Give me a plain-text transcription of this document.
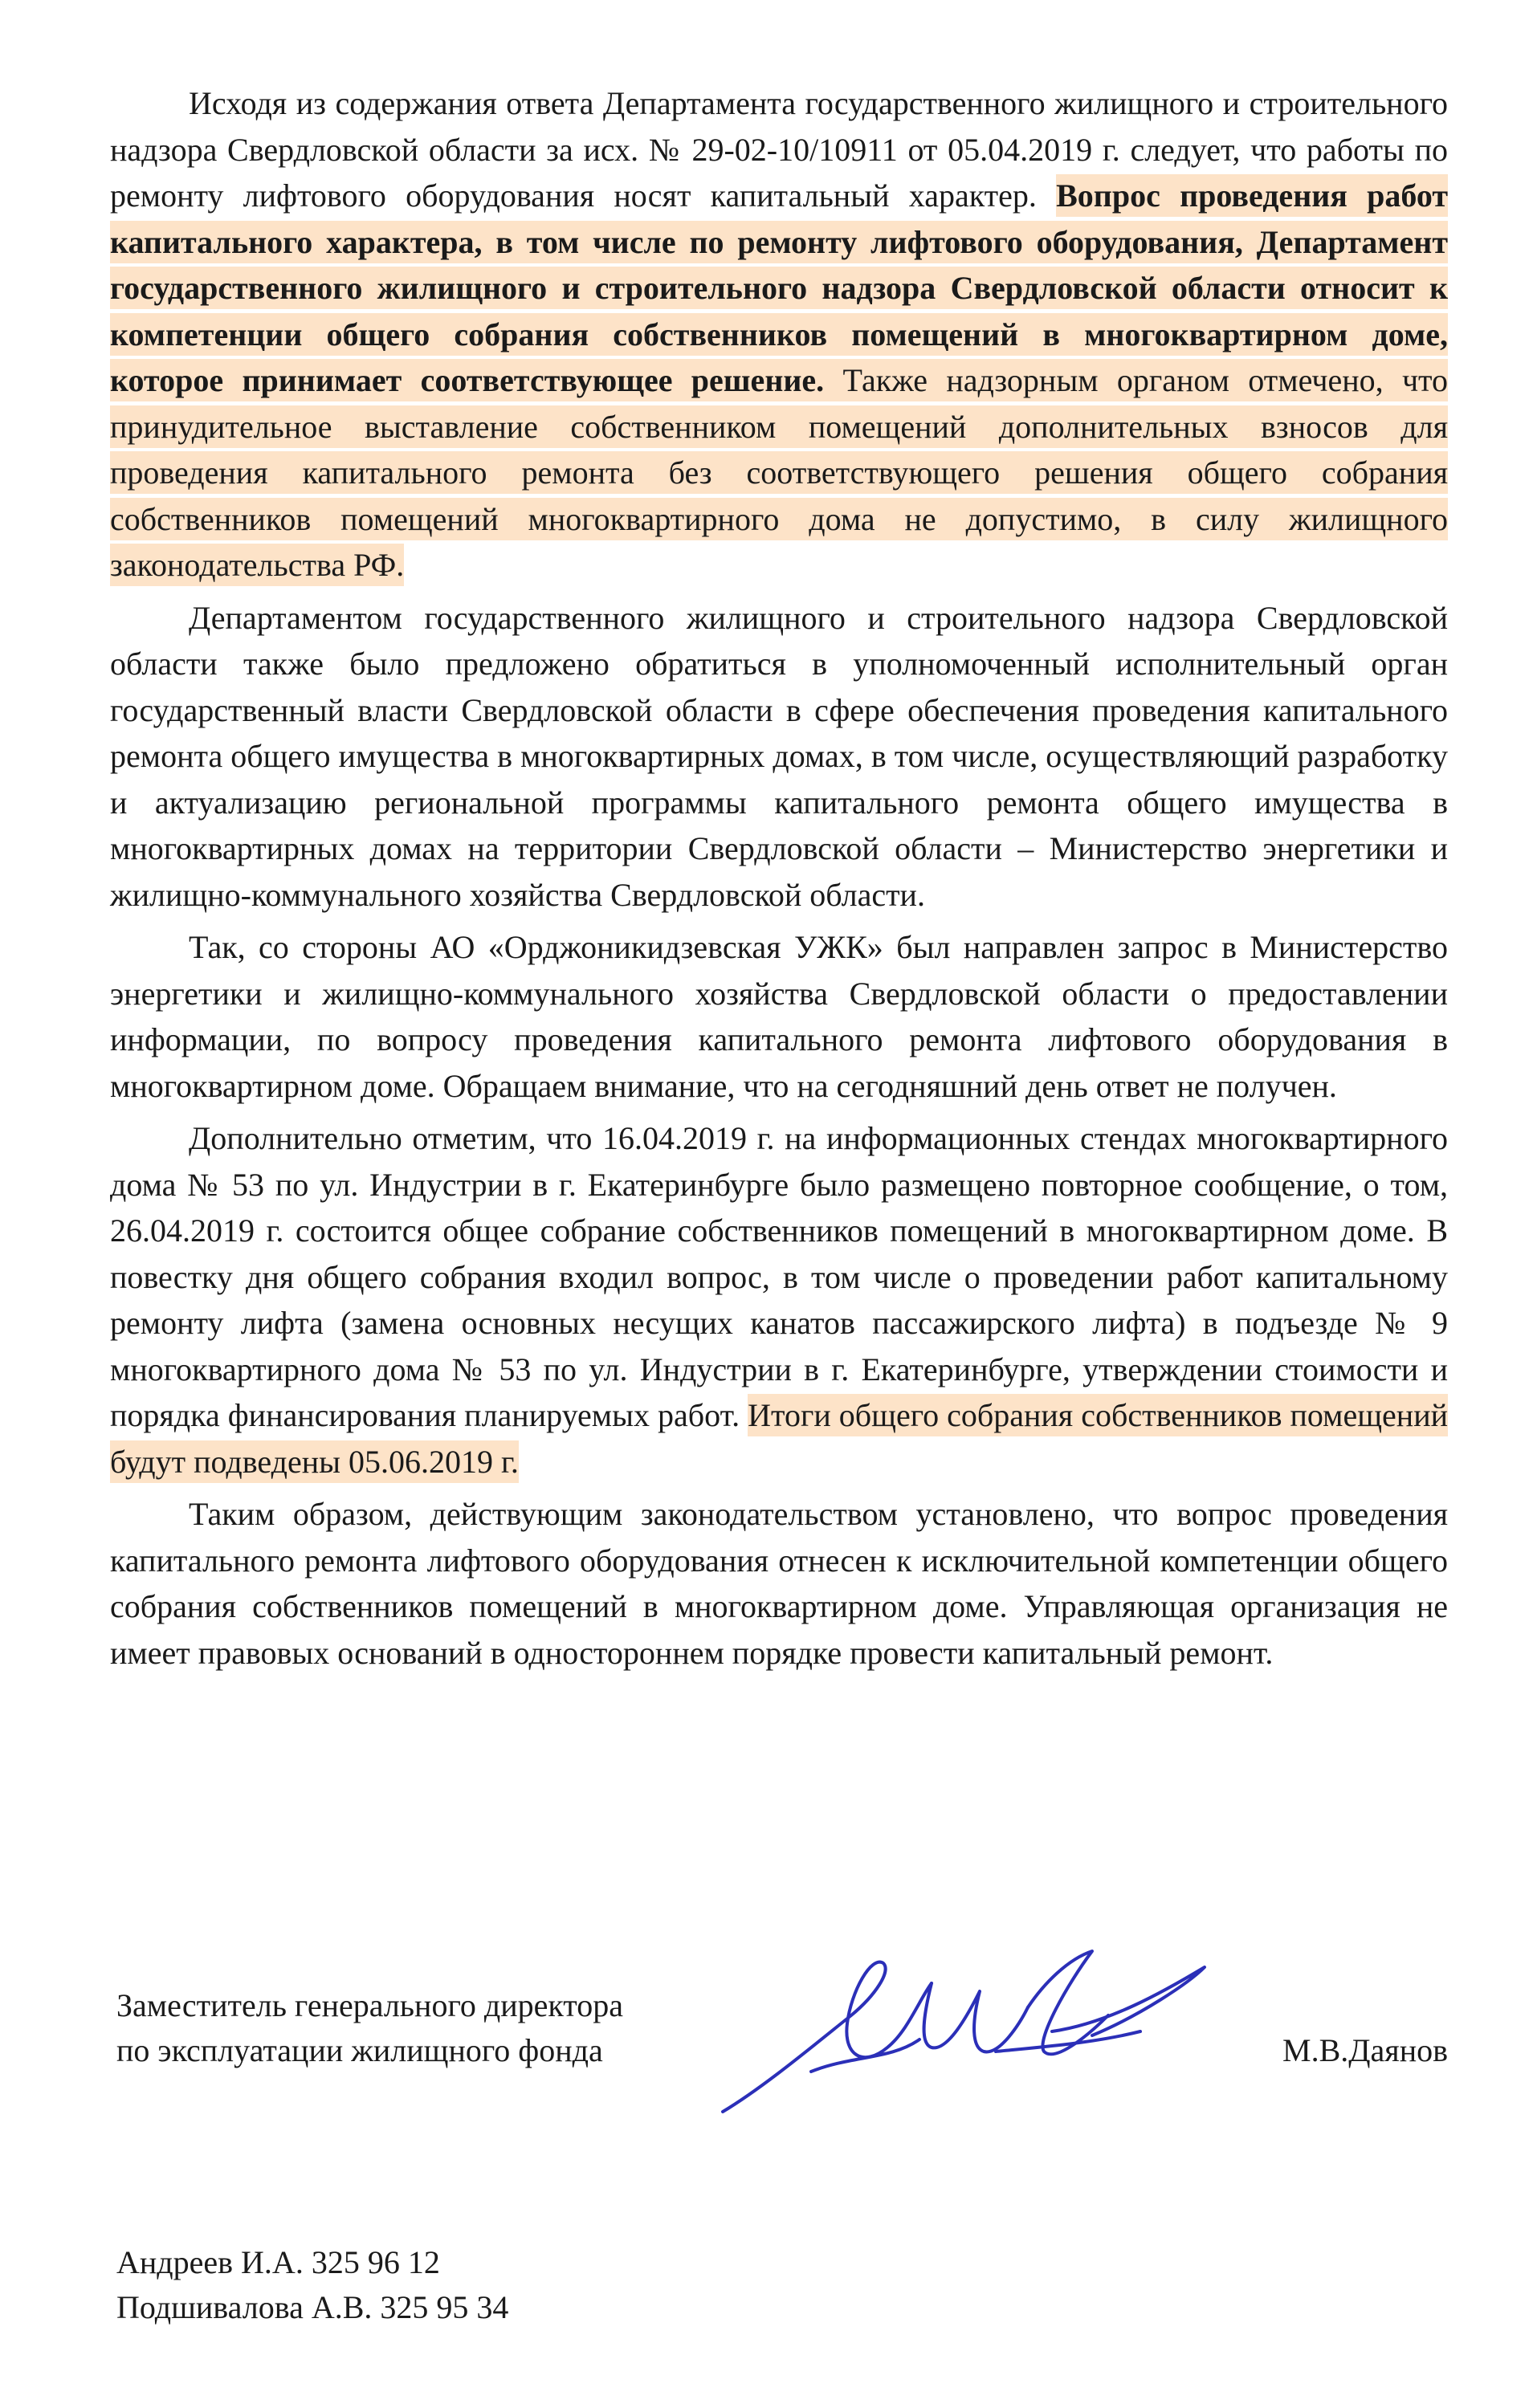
Исходя из содержания ответа Департамента государственного жилищного и строительного надзора Свердловской области за исх. № 29-02-10/10911 от 05.04.2019 г. следует, что работы по ремонту лифтового оборудования носят капитальный характер. Вопрос проведения работ капитального характера, в том числе по ремонту лифтового оборудования, Департамент государственного жилищного и строительного надзора Свердловской области относит к компетенции общего собрания собственников помещений в многоквартирном доме, которое принимает соответствующее решение. Также надзорным органом отмечено, что принудительное выставление собственником помещений дополнительных взносов для проведения капитального ремонта без соответствующего решения общего собрания собственников помещений многоквартирного дома не допустимо, в силу жилищного законодательства РФ.

Департаментом государственного жилищного и строительного надзора Свердловской области также было предложено обратиться в уполномоченный исполнительный орган государственный власти Свердловской области в сфере обеспечения проведения капитального ремонта общего имущества в многоквартирных домах, в том числе, осуществляющий разработку и актуализацию региональной программы капитального ремонта общего имущества в многоквартирных домах на территории Свердловской области – Министерство энергетики и жилищно-коммунального хозяйства Свердловской области.

Так, со стороны АО «Орджоникидзевская УЖК» был направлен запрос в Министерство энергетики и жилищно-коммунального хозяйства Свердловской области о предоставлении информации, по вопросу проведения капитального ремонта лифтового оборудования в многоквартирном доме. Обращаем внимание, что на сегодняшний день ответ не получен.

Дополнительно отметим, что 16.04.2019 г. на информационных стендах многоквартирного дома № 53 по ул. Индустрии в г. Екатеринбурге было размещено повторное сообщение, о том, 26.04.2019 г. состоится общее собрание собственников помещений в многоквартирном доме. В повестку дня общего собрания входил вопрос, в том числе о проведении работ капитальному ремонту лифта (замена основных несущих канатов пассажирского лифта) в подъезде № 9 многоквартирного дома № 53 по ул. Индустрии в г. Екатеринбурге, утверждении стоимости и порядка финансирования планируемых работ. Итоги общего собрания собственников помещений будут подведены 05.06.2019 г.

Таким образом, действующим законодательством установлено, что вопрос проведения капитального ремонта лифтового оборудования отнесен к исключительной компетенции общего собрания собственников помещений в многоквартирном доме. Управляющая организация не имеет правовых оснований в одностороннем порядке провести капитальный ремонт.

Заместитель генерального директора
по эксплуатации жилищного фонда	М.В.Даянов
Андреев И.А. 325 96 12
Подшивалова А.В. 325 95 34
